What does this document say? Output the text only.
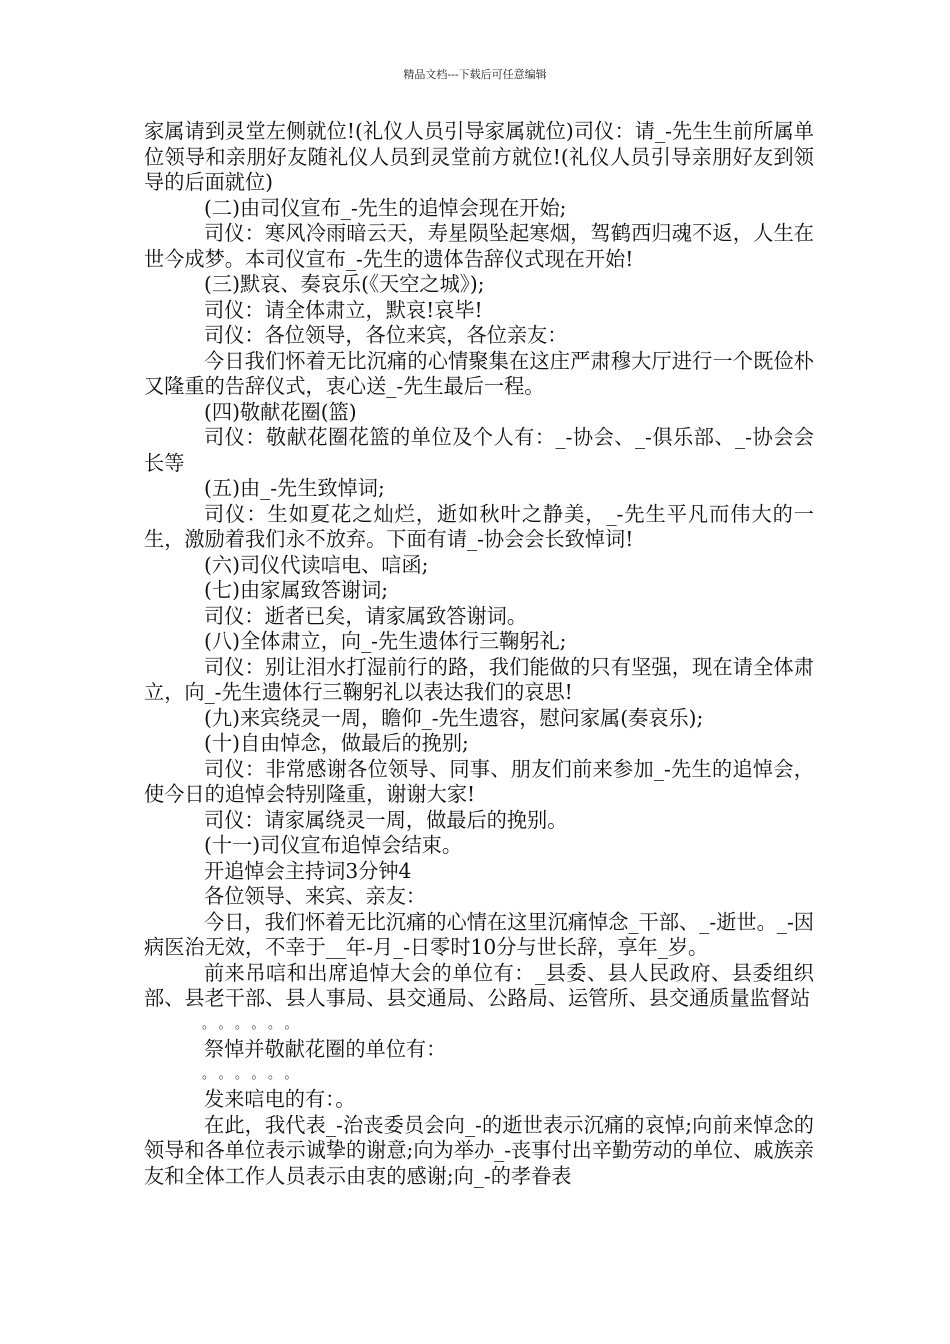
精品文档---下载后可任意编辑

家属请到灵堂左侧就位!(礼仪人员引导家属就位)司仪：请_-先生生前所属单位领导和亲朋好友随礼仪人员到灵堂前方就位!(礼仪人员引导亲朋好友到领导的后面就位)

(二)由司仪宣布_-先生的追悼会现在开始;

司仪：寒风冷雨暗云天，寿星陨坠起寒烟，驾鹤西归魂不返，人生在世今成梦。本司仪宣布_-先生的遗体告辞仪式现在开始!

(三)默哀、奏哀乐(《天空之城》);

司仪：请全体肃立，默哀!哀毕!

司仪：各位领导，各位来宾，各位亲友：

今日我们怀着无比沉痛的心情聚集在这庄严肃穆大厅进行一个既俭朴又隆重的告辞仪式，衷心送_-先生最后一程。

(四)敬献花圈(篮)

司仪：敬献花圈花篮的单位及个人有：_-协会、_-俱乐部、_-协会会长等

(五)由_-先生致悼词;

司仪：生如夏花之灿烂，逝如秋叶之静美，_-先生平凡而伟大的一生，激励着我们永不放弃。下面有请_-协会会长致悼词!

(六)司仪代读唁电、唁函;

(七)由家属致答谢词;

司仪：逝者已矣，请家属致答谢词。

(八)全体肃立，向_-先生遗体行三鞠躬礼;

司仪：别让泪水打湿前行的路，我们能做的只有坚强，现在请全体肃立，向_-先生遗体行三鞠躬礼以表达我们的哀思!

(九)来宾绕灵一周，瞻仰_-先生遗容，慰问家属(奏哀乐);

(十)自由悼念，做最后的挽别;

司仪：非常感谢各位领导、同事、朋友们前来参加_-先生的追悼会，使今日的追悼会特别隆重，谢谢大家!

司仪：请家属绕灵一周，做最后的挽别。

(十一)司仪宣布追悼会结束。

开追悼会主持词3分钟4

各位领导、来宾、亲友：

今日，我们怀着无比沉痛的心情在这里沉痛悼念_干部、_-逝世。_-因病医治无效，不幸于__年-月_-日零时10分与世长辞，享年_岁。

前来吊唁和出席追悼大会的单位有：_县委、县人民政府、县委组织部、县老干部、县人事局、县交通局、公路局、运管所、县交通质量监督站

。。。。。。

祭悼并敬献花圈的单位有：

。。。。。。

发来唁电的有：。

在此，我代表_-治丧委员会向_-的逝世表示沉痛的哀悼;向前来悼念的领导和各单位表示诚挚的谢意;向为举办_-丧事付出辛勤劳动的单位、戚族亲友和全体工作人员表示由衷的感谢;向_-的孝眷表
